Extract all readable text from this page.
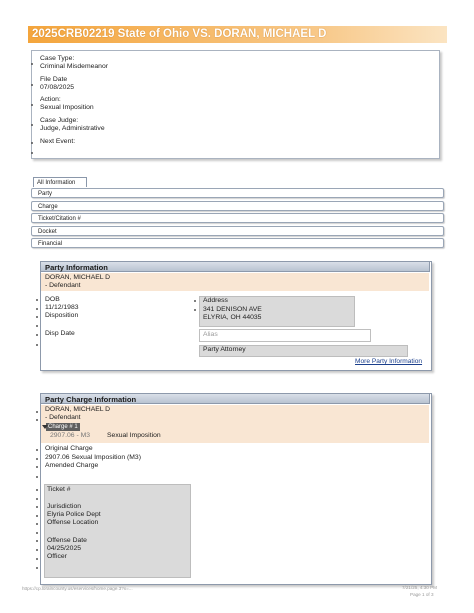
2025CRB02219 State of Ohio VS. DORAN, MICHAEL D
Case Type:
Criminal Misdemeanor
File Date
07/08/2025
Action:
Sexual Imposition
Case Judge:
Judge, Administrative
Next Event:
All Information
Party
Charge
Ticket/Citation #
Docket
Financial
Party Information
DORAN, MICHAEL D
- Defendant
DOB
11/12/1983
Disposition
Disp Date
Address
341 DENISON AVE
ELYRIA, OH 44035
Alias
Party Attorney
More Party Information
Party Charge Information
DORAN, MICHAEL D
- Defendant
Charge # 1
2907.06 - M3 Sexual Imposition
Original Charge
2907.06 Sexual Imposition (M3)
Amended Charge
Ticket #
Jurisdiction
Elyria Police Dept
Offense Location
Offense Date
04/25/2025
Officer
https://cp.loraincounty.us/eservices/home.page.3?x=...	7/21/25, 4:30 PM
Page 1 of 3
